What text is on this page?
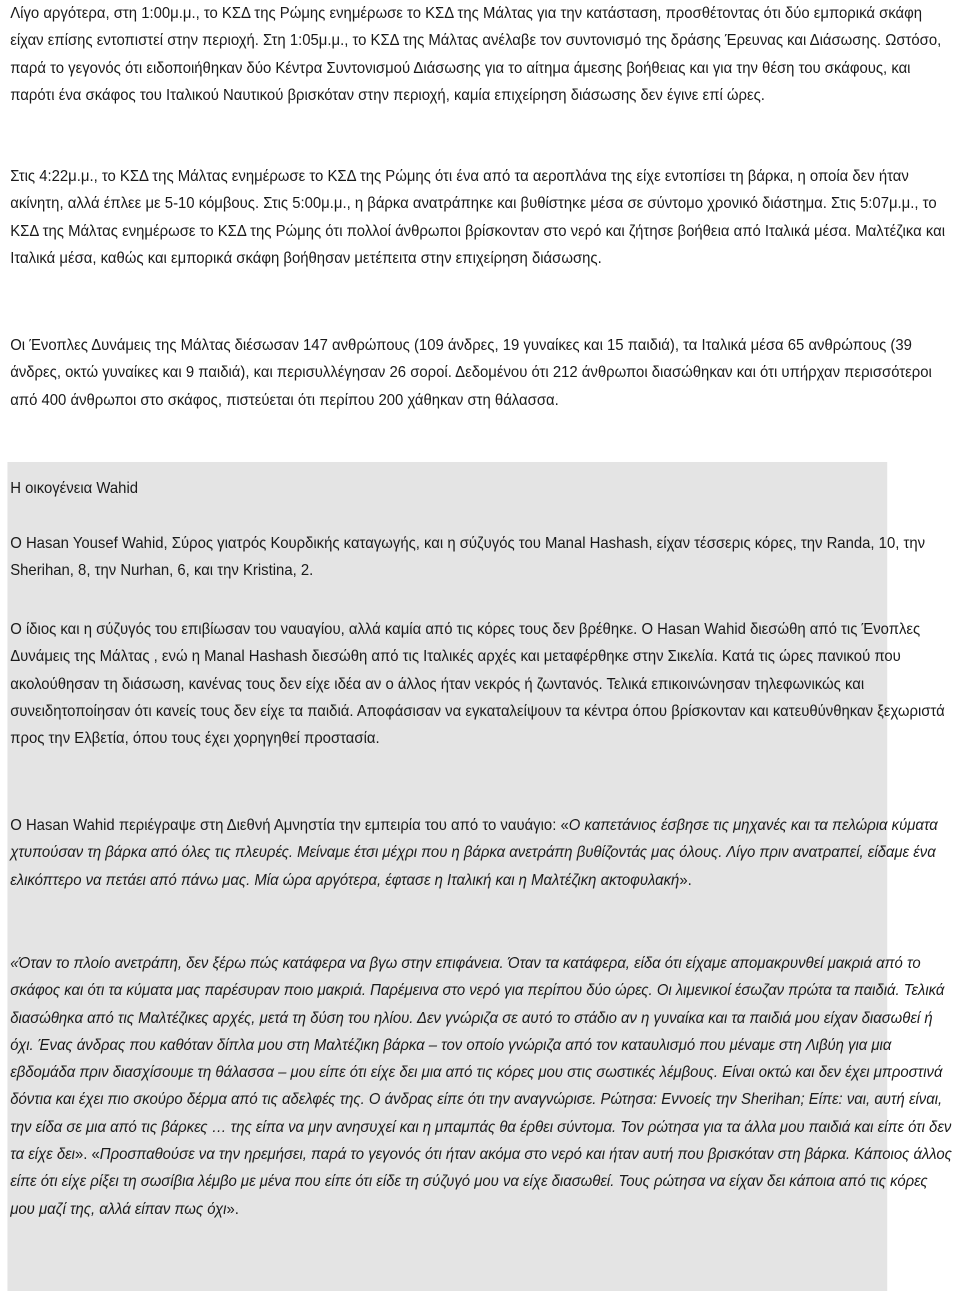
Λίγο αργότερα, στη 1:00μ.μ., το ΚΣΔ της Ρώμης ενημέρωσε το ΚΣΔ της Μάλτας για την κατάσταση, προσθέτοντας ότι δύο εμπορικά σκάφη είχαν επίσης εντοπιστεί στην περιοχή. Στη 1:05μ.μ., το ΚΣΔ της Μάλτας ανέλαβε τον συντονισμό της δράσης Έρευνας και Διάσωσης. Ωστόσο, παρά το γεγονός ότι ειδοποιήθηκαν δύο Κέντρα Συντονισμού Διάσωσης για το αίτημα άμεσης βοήθειας και για την θέση του σκάφους, και παρότι ένα σκάφος του Ιταλικού Ναυτικού βρισκόταν στην περιοχή, καμία επιχείρηση διάσωσης δεν έγινε επί ώρες.

Στις 4:22μ.μ., το ΚΣΔ της Μάλτας ενημέρωσε το ΚΣΔ της Ρώμης ότι ένα από τα αεροπλάνα της είχε εντοπίσει τη βάρκα, η οποία δεν ήταν ακίνητη, αλλά έπλεε με 5-10 κόμβους. Στις 5:00μ.μ., η βάρκα ανατράπηκε και βυθίστηκε μέσα σε σύντομο χρονικό διάστημα. Στις 5:07μ.μ., το ΚΣΔ της Μάλτας ενημέρωσε το ΚΣΔ της Ρώμης ότι πολλοί άνθρωποι βρίσκονταν στο νερό και ζήτησε βοήθεια από Ιταλικά μέσα. Μαλτέζικα και Ιταλικά μέσα, καθώς και εμπορικά σκάφη βοήθησαν μετέπειτα στην επιχείρηση διάσωσης.

Οι Ένοπλες Δυνάμεις της Μάλτας διέσωσαν 147 ανθρώπους (109 άνδρες, 19 γυναίκες και 15 παιδιά), τα Ιταλικά μέσα 65 ανθρώπους (39 άνδρες, οκτώ γυναίκες και 9 παιδιά), και περισυλλέγησαν 26 σοροί. Δεδομένου ότι 212 άνθρωποι διασώθηκαν και ότι υπήρχαν περισσότεροι από 400 άνθρωποι στο σκάφος, πιστεύεται ότι περίπου 200 χάθηκαν στη θάλασσα.

Η οικογένεια Wahid

Ο Hasan Yousef Wahid, Σύρος γιατρός Κουρδικής καταγωγής, και η σύζυγός του Manal Hashash, είχαν τέσσερις κόρες, την Randa, 10, την Sherihan, 8, την Nurhan, 6, και την Kristina, 2.

Ο ίδιος και η σύζυγός του επιβίωσαν του ναυαγίου, αλλά καμία από τις κόρες τους δεν βρέθηκε. Ο Hasan Wahid διεσώθη από τις Ένοπλες Δυνάμεις της Μάλτας , ενώ η Manal Hashash διεσώθη από τις Ιταλικές αρχές και μεταφέρθηκε στην Σικελία. Κατά τις ώρες πανικού που ακολούθησαν τη διάσωση, κανένας τους δεν είχε ιδέα αν ο άλλος ήταν νεκρός ή ζωντανός. Τελικά επικοινώνησαν τηλεφωνικώς και συνειδητοποίησαν ότι κανείς τους δεν είχε τα παιδιά. Αποφάσισαν να εγκαταλείψουν τα κέντρα όπου βρίσκονταν και κατευθύνθηκαν ξεχωριστά προς την Ελβετία, όπου τους έχει χορηγηθεί προστασία.

Ο Hasan Wahid περιέγραψε στη Διεθνή Αμνηστία την εμπειρία του από το ναυάγιο: «Ο καπετάνιος έσβησε τις μηχανές και τα πελώρια κύματα χτυπούσαν τη βάρκα από όλες τις πλευρές. Μείναμε έτσι μέχρι που η βάρκα ανετράπη βυθίζοντάς μας όλους. Λίγο πριν ανατραπεί, είδαμε ένα ελικόπτερο να πετάει από πάνω μας. Μία ώρα αργότερα, έφτασε η Ιταλική και η Μαλτέζικη ακτοφυλακή».

«Όταν το πλοίο ανετράπη, δεν ξέρω πώς κατάφερα να βγω στην επιφάνεια. Όταν τα κατάφερα, είδα ότι είχαμε απομακρυνθεί μακριά από το σκάφος και ότι τα κύματα μας παρέσυραν ποιο μακριά. Παρέμεινα στο νερό για περίπου δύο ώρες. Οι λιμενικοί έσωζαν πρώτα τα παιδιά. Τελικά διασώθηκα από τις Μαλτέζικες αρχές, μετά τη δύση του ηλίου. Δεν γνώριζα σε αυτό το στάδιο αν η γυναίκα και τα παιδιά μου είχαν διασωθεί ή όχι. Ένας άνδρας που καθόταν δίπλα μου στη Μαλτέζικη βάρκα – τον οποίο γνώριζα από τον καταυλισμό που μέναμε στη Λιβύη για μια εβδομάδα πριν διασχίσουμε τη θάλασσα – μου είπε ότι είχε δει μια από τις κόρες μου στις σωστικές λέμβους. Είναι οκτώ και δεν έχει μπροστινά δόντια και έχει πιο σκούρο δέρμα από τις αδελφές της. Ο άνδρας είπε ότι την αναγνώρισε. Ρώτησα: Εννοείς την Sherihan; Είπε: ναι, αυτή είναι, την είδα σε μια από τις βάρκες … της είπα να μην ανησυχεί και η μπαμπάς θα έρθει σύντομα. Τον ρώτησα για τα άλλα μου παιδιά και είπε ότι δεν τα είχε δει». «Προσπαθούσε να την ηρεμήσει, παρά το γεγονός ότι ήταν ακόμα στο νερό και ήταν αυτή που βρισκόταν στη βάρκα. Κάποιος άλλος είπε ότι είχε ρίξει τη σωσίβια λέμβο με μένα που είπε ότι είδε τη σύζυγό μου να είχε διασωθεί. Τους ρώτησα να είχαν δει κάποια από τις κόρες μου μαζί της, αλλά είπαν πως όχι».
